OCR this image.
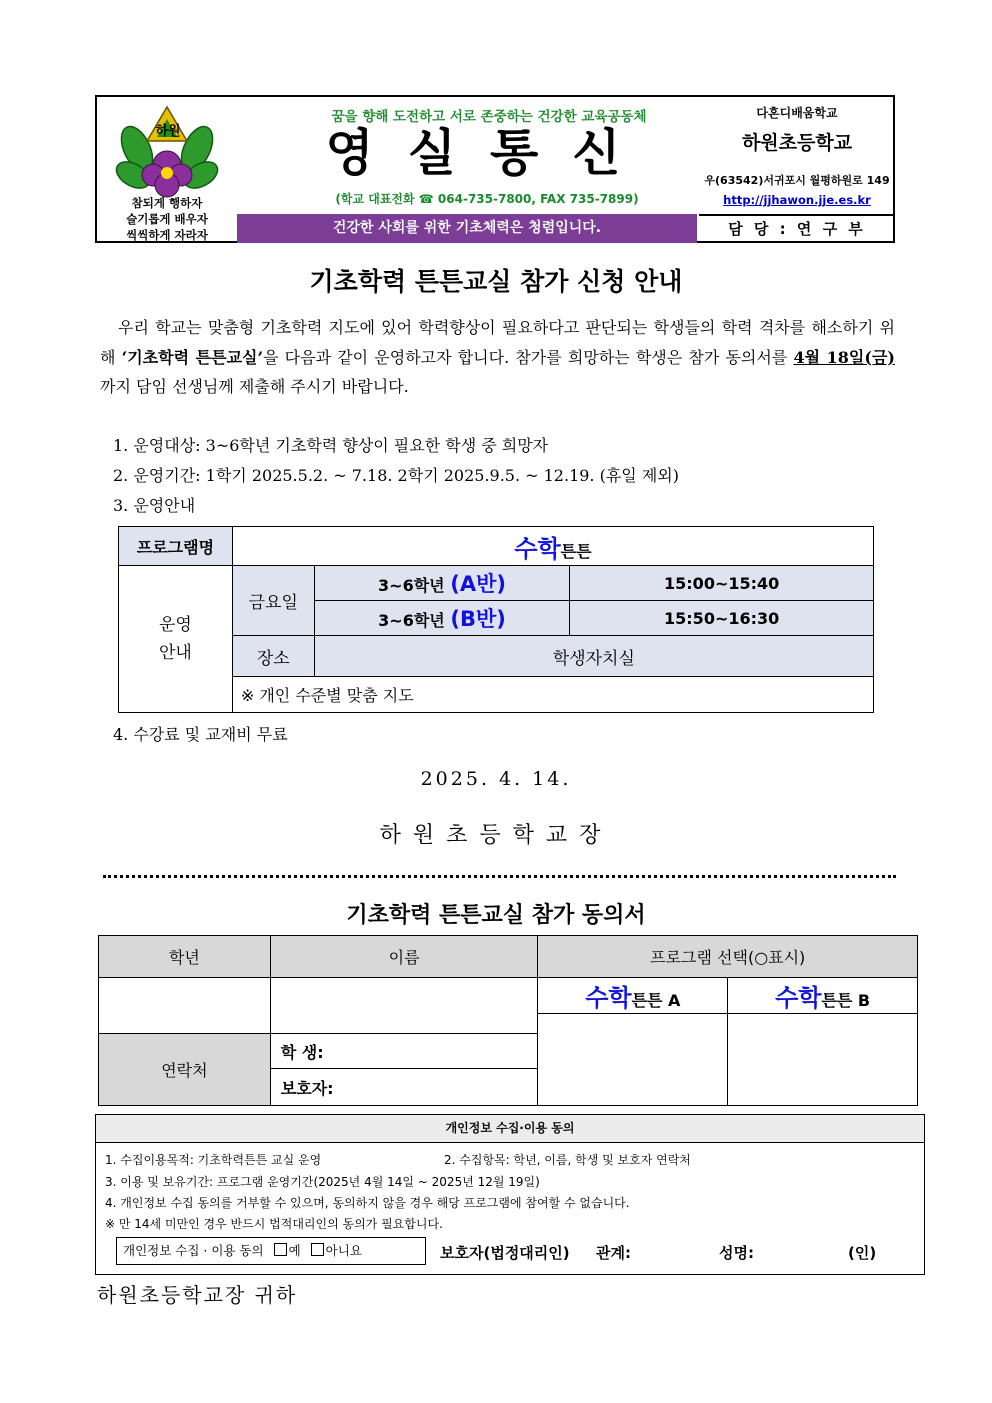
하원
참되게 행하자
슬기롭게 배우자
씩씩하게 자라자
꿈을 향해 도전하고 서로 존중하는 건강한 교육공동체
영실통신
(학교 대표전화 ☎ 064-735-7800, FAX 735-7899)
건강한 사회를 위한 기초체력은 청렴입니다.
다혼디배움학교
하원초등학교
우(63542)서귀포시 월평하원로 149
http://jjhawon.jje.es.kr
담 당 : 연 구 부
기초학력 튼튼교실 참가 신청 안내
우리 학교는 맞춤형 기초학력 지도에 있어 학력향상이 필요하다고 판단되는 학생들의 학력 격차를 해소하기 위해 ‘기초학력 튼튼교실’을 다음과 같이 운영하고자 합니다. 참가를 희망하는 학생은 참가 동의서를 4월 18일(금)까지 담임 선생님께 제출해 주시기 바랍니다.
1. 운영대상: 3~6학년 기초학력 향상이 필요한 학생 중 희망자
2. 운영기간: 1학기 2025.5.2. ~ 7.18. 2학기 2025.9.5. ~ 12.19. (휴일 제외)
3. 운영안내
프로그램명	수학튼튼		
운영
안내	금요일	3~6학년 (A반)	15:00~15:40
		3~6학년 (B반)	15:50~16:30
	장소	학생자치실	
	※ 개인 수준별 맞춤 지도		
4. 수강료 및 교재비 무료
2025. 4. 14.
하원초등학교장
기초학력 튼튼교실 참가 동의서
학년	이름	프로그램 선택(○표시)	
		수학튼튼 A	수학튼튼 B

연락처	학 생:		
	보호자:		
개인정보 수집·이용 동의
1. 수집이용목적: 기초학력튼튼 교실 운영	2. 수집항목: 학년, 이름, 학생 및 보호자 연락처
3. 이용 및 보유기간: 프로그램 운영기간(2025년 4월 14일 ~ 2025년 12월 19일)
4. 개인정보 수집 동의를 거부할 수 있으며, 동의하지 않을 경우 해당 프로그램에 참여할 수 없습니다.
※ 만 14세 미만인 경우 반드시 법적대리인의 동의가 필요합니다.
개인정보 수집 · 이용 동의 예 아니요	보호자(법정대리인) 관계:	성명:	(인)
하원초등학교장 귀하
